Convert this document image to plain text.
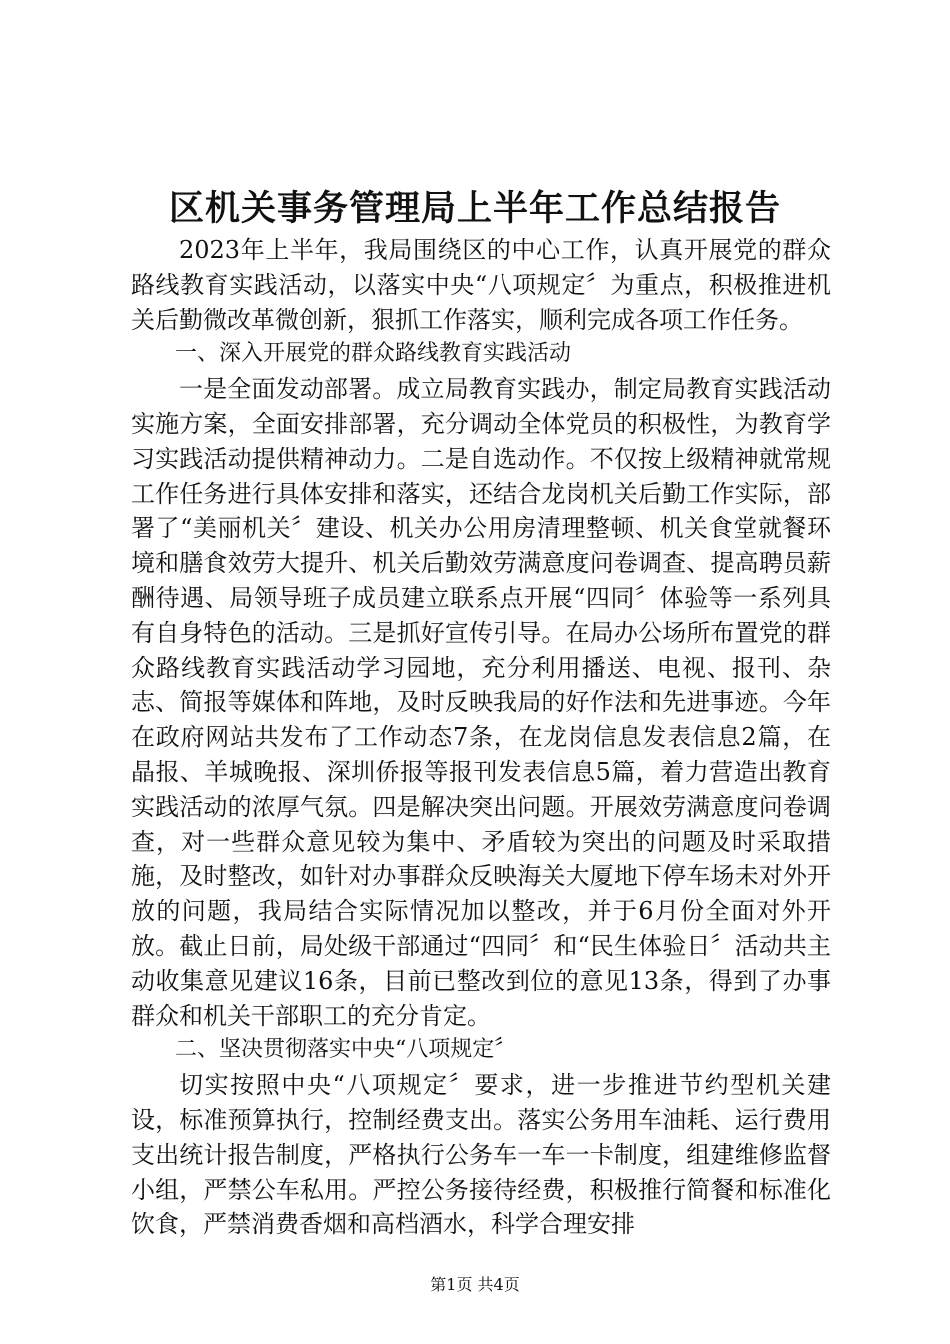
区机关事务管理局上半年工作总结报告

2023年上半年，我局围绕区的中心工作，认真开展党的群众路线教育实践活动，以落实中央“八项规定〞为重点，积极推进机关后勤微改革微创新，狠抓工作落实，顺利完成各项工作任务。

一、深入开展党的群众路线教育实践活动

一是全面发动部署。成立局教育实践办，制定局教育实践活动实施方案，全面安排部署，充分调动全体党员的积极性，为教育学习实践活动提供精神动力。二是自选动作。不仅按上级精神就常规工作任务进行具体安排和落实，还结合龙岗机关后勤工作实际，部署了“美丽机关〞建设、机关办公用房清理整顿、机关食堂就餐环境和膳食效劳大提升、机关后勤效劳满意度问卷调查、提高聘员薪酬待遇、局领导班子成员建立联系点开展“四同〞体验等一系列具有自身特色的活动。三是抓好宣传引导。在局办公场所布置党的群众路线教育实践活动学习园地，充分利用播送、电视、报刊、杂志、简报等媒体和阵地，及时反映我局的好作法和先进事迹。今年在政府网站共发布了工作动态7条，在龙岗信息发表信息2篇，在晶报、羊城晚报、深圳侨报等报刊发表信息5篇，着力营造出教育实践活动的浓厚气氛。四是解决突出问题。开展效劳满意度问卷调查，对一些群众意见较为集中、矛盾较为突出的问题及时采取措施，及时整改，如针对办事群众反映海关大厦地下停车场未对外开放的问题，我局结合实际情况加以整改，并于6月份全面对外开放。截止日前，局处级干部通过“四同〞和“民生体验日〞活动共主动收集意见建议16条，目前已整改到位的意见13条，得到了办事群众和机关干部职工的充分肯定。

二、坚决贯彻落实中央“八项规定〞

切实按照中央“八项规定〞要求，进一步推进节约型机关建设，标准预算执行，控制经费支出。落实公务用车油耗、运行费用支出统计报告制度，严格执行公务车一车一卡制度，组建维修监督小组，严禁公车私用。严控公务接待经费，积极推行简餐和标准化饮食，严禁消费香烟和高档酒水，科学合理安排

第1页 共4页
